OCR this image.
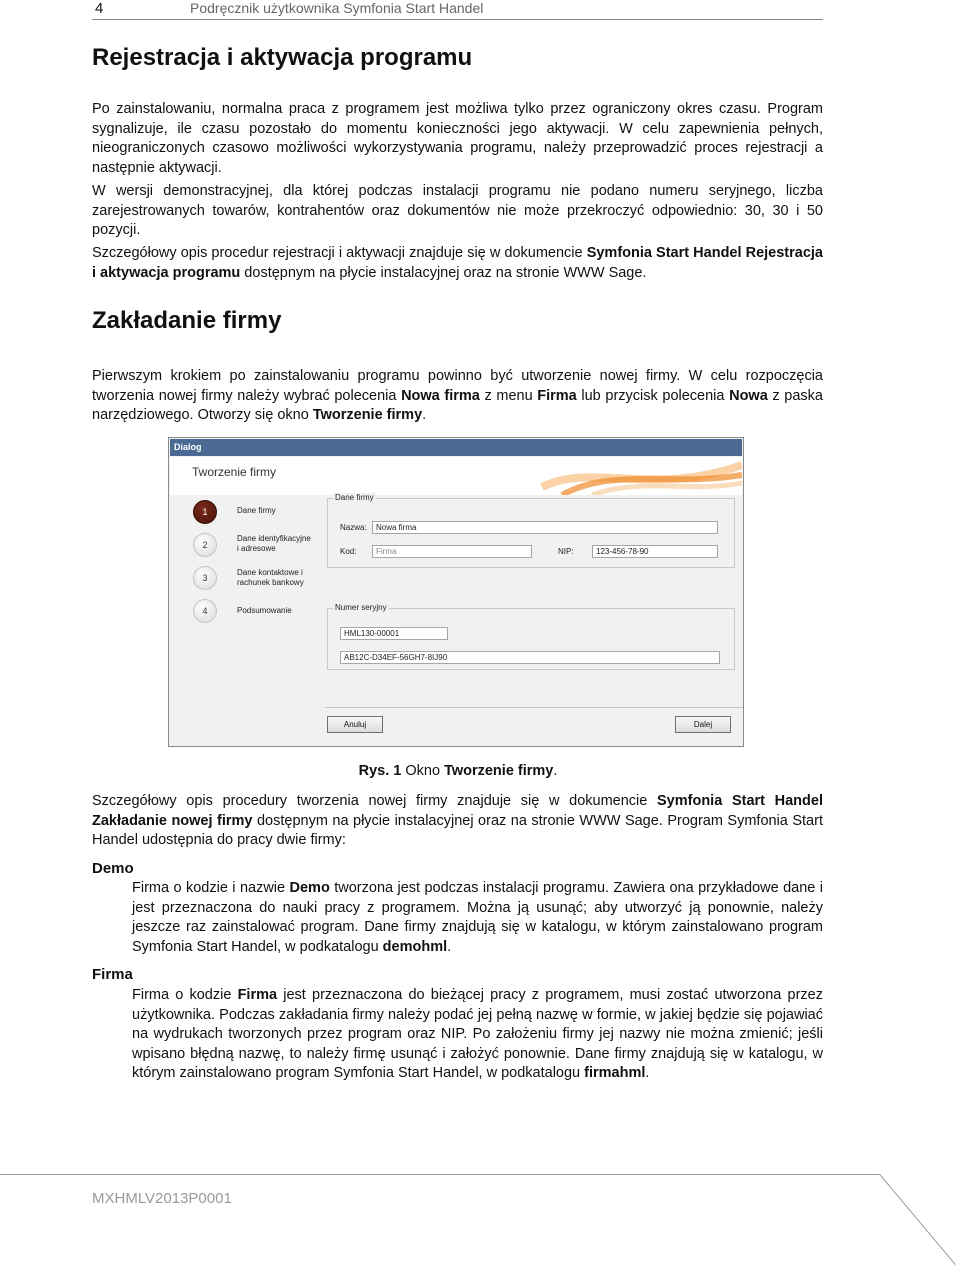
4	Podręcznik użytkownika Symfonia Start Handel
Rejestracja i aktywacja programu

Po zainstalowaniu, normalna praca z programem jest możliwa tylko przez ograniczony okres czasu. Program sygnalizuje, ile czasu pozostało do momentu konieczności jego aktywacji. W celu zapewnienia pełnych, nieograniczonych czasowo możliwości wykorzystywania programu, należy przeprowadzić proces rejestracji a następnie aktywacji.

W wersji demonstracyjnej, dla której podczas instalacji programu nie podano numeru seryjnego, liczba zarejestrowanych towarów, kontrahentów oraz dokumentów nie może przekroczyć odpowiednio: 30, 30 i 50 pozycji.

Szczegółowy opis procedur rejestracji i aktywacji znajduje się w dokumencie Symfonia Start Handel Rejestracja i aktywacja programu dostępnym na płycie instalacyjnej oraz na stronie WWW Sage.

Zakładanie firmy

Pierwszym krokiem po zainstalowaniu programu powinno być utworzenie nowej firmy. W celu rozpoczęcia tworzenia nowej firmy należy wybrać polecenia Nowa firma z menu Firma lub przycisk polecenia Nowa z paska narzędziowego. Otworzy się okno Tworzenie firmy.

Dialog
Tworzenie firmy
1	Dane firmy
2
Dane identyfikacyjne i adresowe
3
Dane kontaktowe i rachunek bankowy
4	Podsumowanie
Dane firmy
Nazwa:	Nowa firma
Kod:	Firma	NIP:	123-456-78-90
Numer seryjny
HML130-00001
AB12C-D34EF-56GH7-8IJ90
Anuluj	Dalej
Rys. 1 Okno Tworzenie firmy.

Szczegółowy opis procedury tworzenia nowej firmy znajduje się w dokumencie Symfonia Start Handel Zakładanie nowej firmy dostępnym na płycie instalacyjnej oraz na stronie WWW Sage. Program Symfonia Start Handel udostępnia do pracy dwie firmy:

Demo

Firma o kodzie i nazwie Demo tworzona jest podczas instalacji programu. Zawiera ona przykładowe dane i jest przeznaczona do nauki pracy z programem. Można ją usunąć; aby utworzyć ją ponownie, należy jeszcze raz zainstalować program. Dane firmy znajdują się w katalogu, w którym zainstalowano program Symfonia Start Handel, w podkatalogu demohml.

Firma

Firma o kodzie Firma jest przeznaczona do bieżącej pracy z programem, musi zostać utworzona przez użytkownika. Podczas zakładania firmy należy podać jej pełną nazwę w formie, w jakiej będzie się pojawiać na wydrukach tworzonych przez program oraz NIP. Po założeniu firmy jej nazwy nie można zmienić; jeśli wpisano błędną nazwę, to należy firmę usunąć i założyć ponownie. Dane firmy znajdują się w katalogu, w którym zainstalowano program Symfonia Start Handel, w podkatalogu firmahml.

MXHMLV2013P0001
